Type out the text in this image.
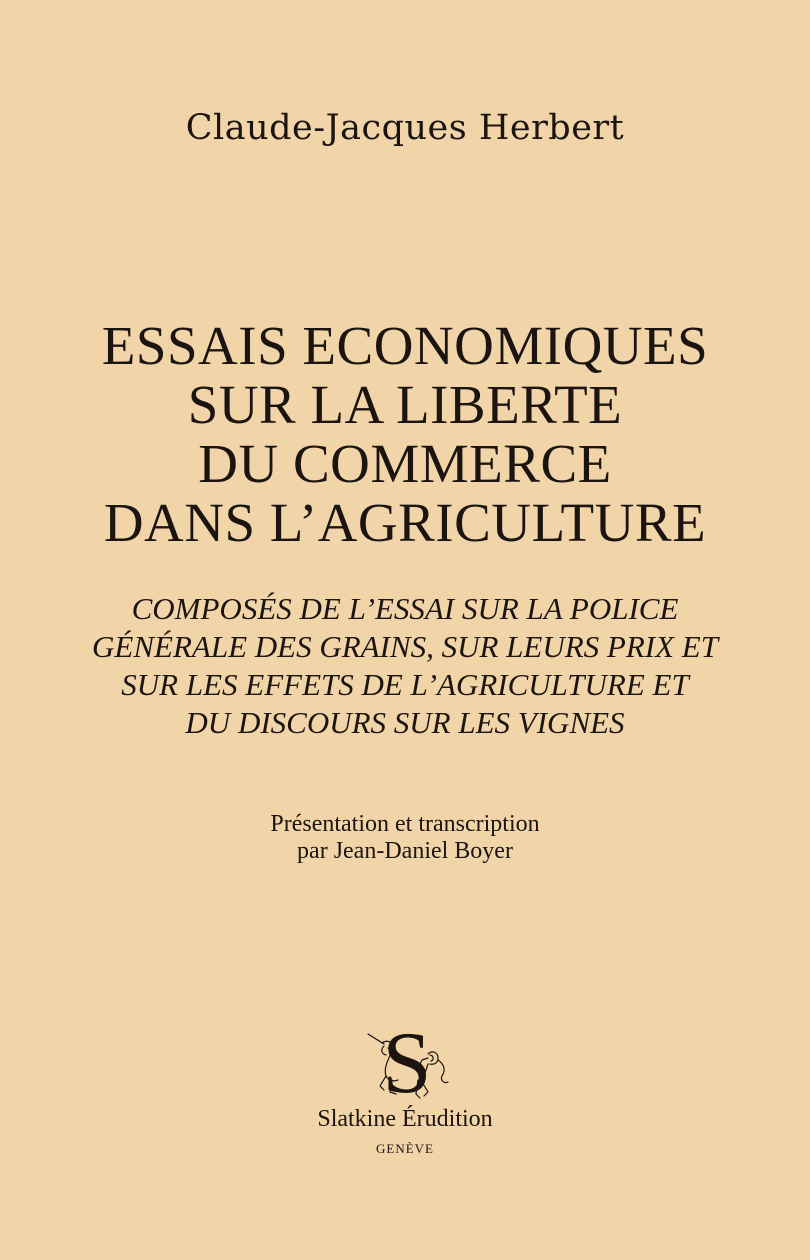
Claude-Jacques Herbert
ESSAIS ECONOMIQUES
SUR LA LIBERTE
DU COMMERCE
DANS L’AGRICULTURE
COMPOSÉS DE L’ESSAI SUR LA POLICE
GÉNÉRALE DES GRAINS, SUR LEURS PRIX ET
SUR LES EFFETS DE L’AGRICULTURE ET
DU DISCOURS SUR LES VIGNES
Présentation et transcription
par Jean-Daniel Boyer
S
Slatkine Érudition
GENÈVE
